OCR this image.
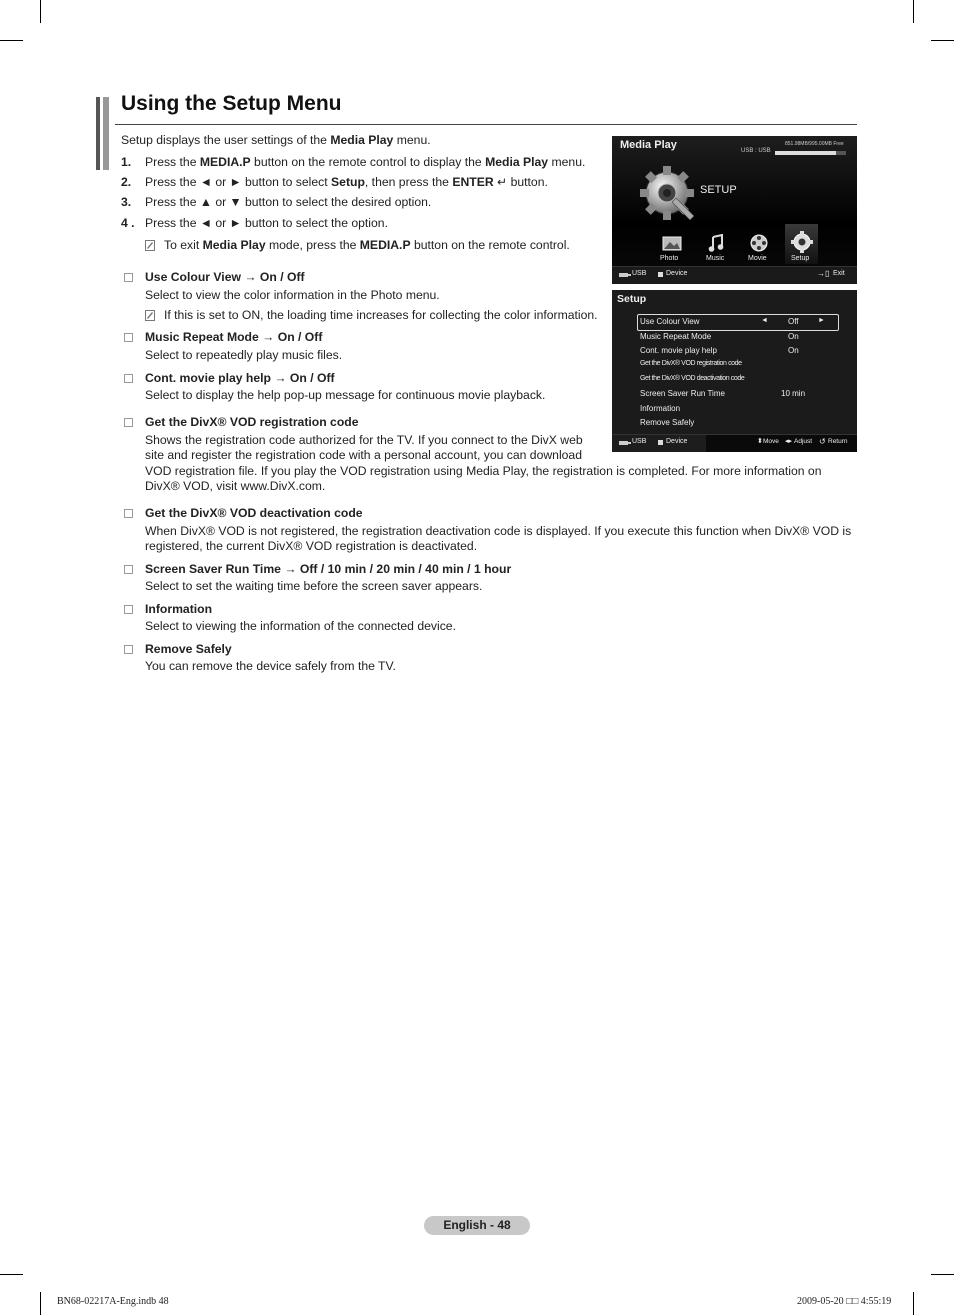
Using the Setup Menu
Setup displays the user settings of the Media Play menu.
1. Press the MEDIA.P button on the remote control to display the Media Play menu.
2. Press the ◄ or ► button to select Setup, then press the ENTER ↵ button.
3. Press the ▲ or ▼ button to select the desired option.
4 . Press the ◄ or ► button to select the option.
To exit Media Play mode, press the MEDIA.P button on the remote control.
Use Colour View → On / Off
Select to view the color information in the Photo menu.
If this is set to ON, the loading time increases for collecting the color information.
Music Repeat Mode → On / Off
Select to repeatedly play music files.
Cont. movie play help → On / Off
Select to display the help pop-up message for continuous movie playback.
Get the DivX® VOD registration code
Shows the registration code authorized for the TV. If you connect to the DivX web
site and register the registration code with a personal account, you can download
VOD registration file. If you play the VOD registration using Media Play, the registration is completed. For more information on
DivX® VOD, visit www.DivX.com.
Get the DivX® VOD deactivation code
When DivX® VOD is not registered, the registration deactivation code is displayed. If you execute this function when DivX® VOD is
registered, the current DivX® VOD registration is deactivated.
Screen Saver Run Time → Off / 10 min / 20 min / 40 min / 1 hour
Select to set the waiting time before the screen saver appears.
Information
Select to viewing the information of the connected device.
Remove Safely
You can remove the device safely from the TV.
Media Play	851.98MB/995.00MB Free
USB : USB
SETUP
Photo	Music	Movie	Setup
USB	Device	→▯ Exit
Setup
◄	►
Use Colour View	Off
Music Repeat Mode	On
Cont. movie play help	On
Get the DivX® VOD registration code
Get the DivX® VOD deactivation code
Screen Saver Run Time	10 min
Information
Remove Safely
USB	Device	⬍ Move ◂▸ Adjust ↺ Return
English - 48
BN68-02217A-Eng.indb 48	2009-05-20 □□ 4:55:19
